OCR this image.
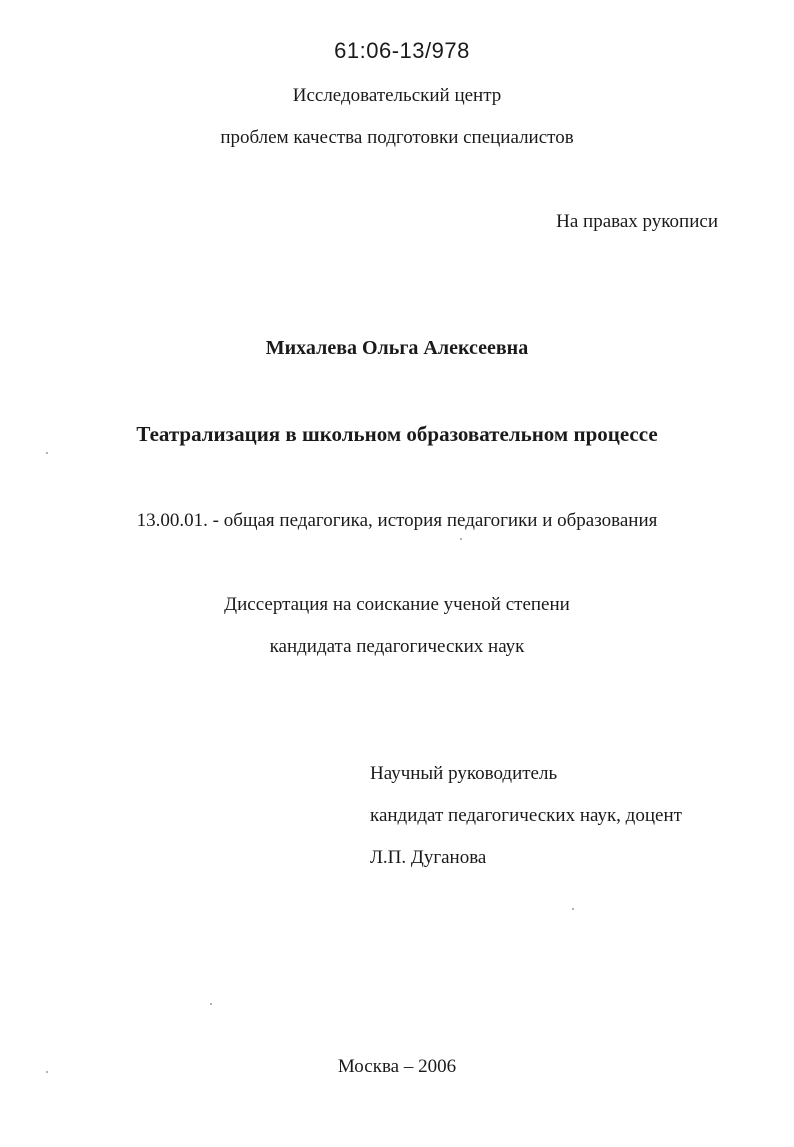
61:06-13/978
Исследовательский центр
проблем качества подготовки специалистов
На правах рукописи
Михалева Ольга Алексеевна
Театрализация в школьном образовательном процессе
13.00.01. - общая педагогика, история педагогики и образования
Диссертация на соискание ученой степени
кандидата педагогических наук
Научный руководитель
кандидат педагогических наук, доцент
Л.П. Дуганова
Москва – 2006
